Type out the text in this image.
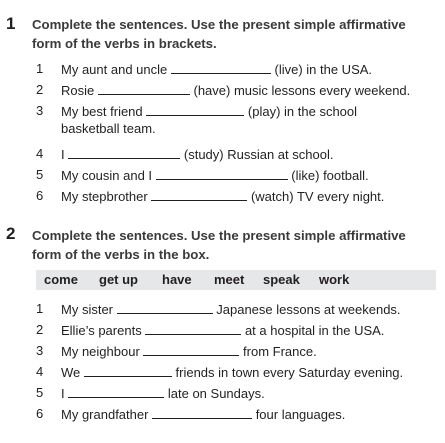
1 Complete the sentences. Use the present simple affirmative
form of the verbs in brackets.
1	My aunt and uncle	(live) in the USA.
2	Rosie	(have) music lessons every weekend.
3	My best friend	(play) in the school
basketball team.
4	I	(study) Russian at school.
5	My cousin and I	(like) football.
6	My stepbrother	(watch) TV every night.
2 Complete the sentences. Use the present simple affirmative
form of the verbs in the box.
come get up have meet speak work
1	My sister	Japanese lessons at weekends.
2	Ellie’s parents	at a hospital in the USA.
3	My neighbour	from France.
4	We	friends in town every Saturday evening.
5	I	late on Sundays.
6	My grandfather	four languages.
